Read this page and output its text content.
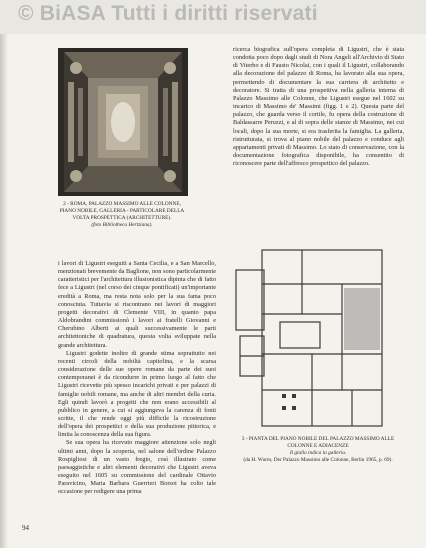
© BiASA Tutti i diritti riservati
2 - ROMA, PALAZZO MASSIMO ALLE COLONNE,
PIANO NOBILE, GALLERIA - PARTICOLARE DELLA
VOLTA PROSPETTICA (ARCHITETTURE).
(foto Bibliotheca Hertziana).

ricerca biografica sull'opera completa di Ligustri, che è stata condotta poco dopo dagli studi di Nora Angeli all'Archivio di Stato di Viterbo e di Fausto Nicolai, con i quali il Ligustri, collaborando alla decorazione del palazzo di Roma, ha lavorato alla sua opera, permettendo di documentare la sua carriera di architetto e decoratore. Si tratta di una prospettiva nella galleria interna di Palazzo Massimo alle Colonne, che Ligustri esegue nel 1602 su incarico di Massimo de' Massimi (figg. 1 e 2). Questa parte del palazzo, che guarda verso il cortile, fu opera della costruzione di Baldassarre Peruzzi, e al di sopra delle stanze di Massimo, nei cui locali, dopo la sua morte, si era trasferita la famiglia. La galleria, ristrutturata, si trova al piano nobile del palazzo e conduce agli appartamenti privati di Massimo. Lo stato di conservazione, con la documentazione fotografica disponibile, ha consentito di riconoscere parte dell'affresco prospettico del palazzo.

i lavori di Ligustri eseguiti a Santa Cecilia, e a San Marcello, menzionati brevemente da Baglione, non sono particolarmente caratteristici per l'architettura illusionistica dipinta che di fatto fece a Ligustri (nel corso dei cinque pontificati) un'importante eredità a Roma, ma resta nota solo per la sua fama poco conosciuta. Tuttavia si riscontrano nei lavori di maggiori progetti decorativi di Clemente VIII, in quanto papa Aldobrandini commissionò i lavori ai fratelli Giovanni e Cherubino Alberti ai quali successivamente le parti architettoniche di quadratura, questa volta sviluppate nella grande architettura.

Ligustri godette inoltre di grande stima soprattutto nei recenti circoli della nobiltà capitolina, e la scarsa considerazione delle sue opere romane da parte dei suoi contemporanei è da ricondurre in primo luogo al fatto che Ligustri ricevette più spesso incarichi privati e per palazzi di famiglie nobili romane, ma anche di altri membri della curia. Egli quindi lavorò a progetti che non erano accessibili al pubblico in genere, a cui si aggiungeva la carenza di fonti scritte, il che rende oggi più difficile la ricostruzione dell'opera dei prospettici e della sua produzione pittorica, e limita la conoscenza della sua figura.

Se sua opera ha ricevuto maggiore attenzione solo negli ultimi anni, dopo la scoperta, nel salone dell'ordine Palazzo Rospigliosi di un vasto fregio, così illustrato come paesaggistiche e altri elementi decorativi che Ligustri aveva eseguito nel 1605 su commissione del cardinale Ottavio Paravicino, Maria Barbara Guerrieri Borsoi ha colto tale occasione per redigere una prima

3 - PIANTA DEL PIANO NOBILE DEL PALAZZO MASSIMO ALLE
COLONNE E ADIACENZE
Il giallo indica la galleria.
(da H. Wurm, Der Palazzo Massimo alle Colonne, Berlin 1965, p. 69).
94
